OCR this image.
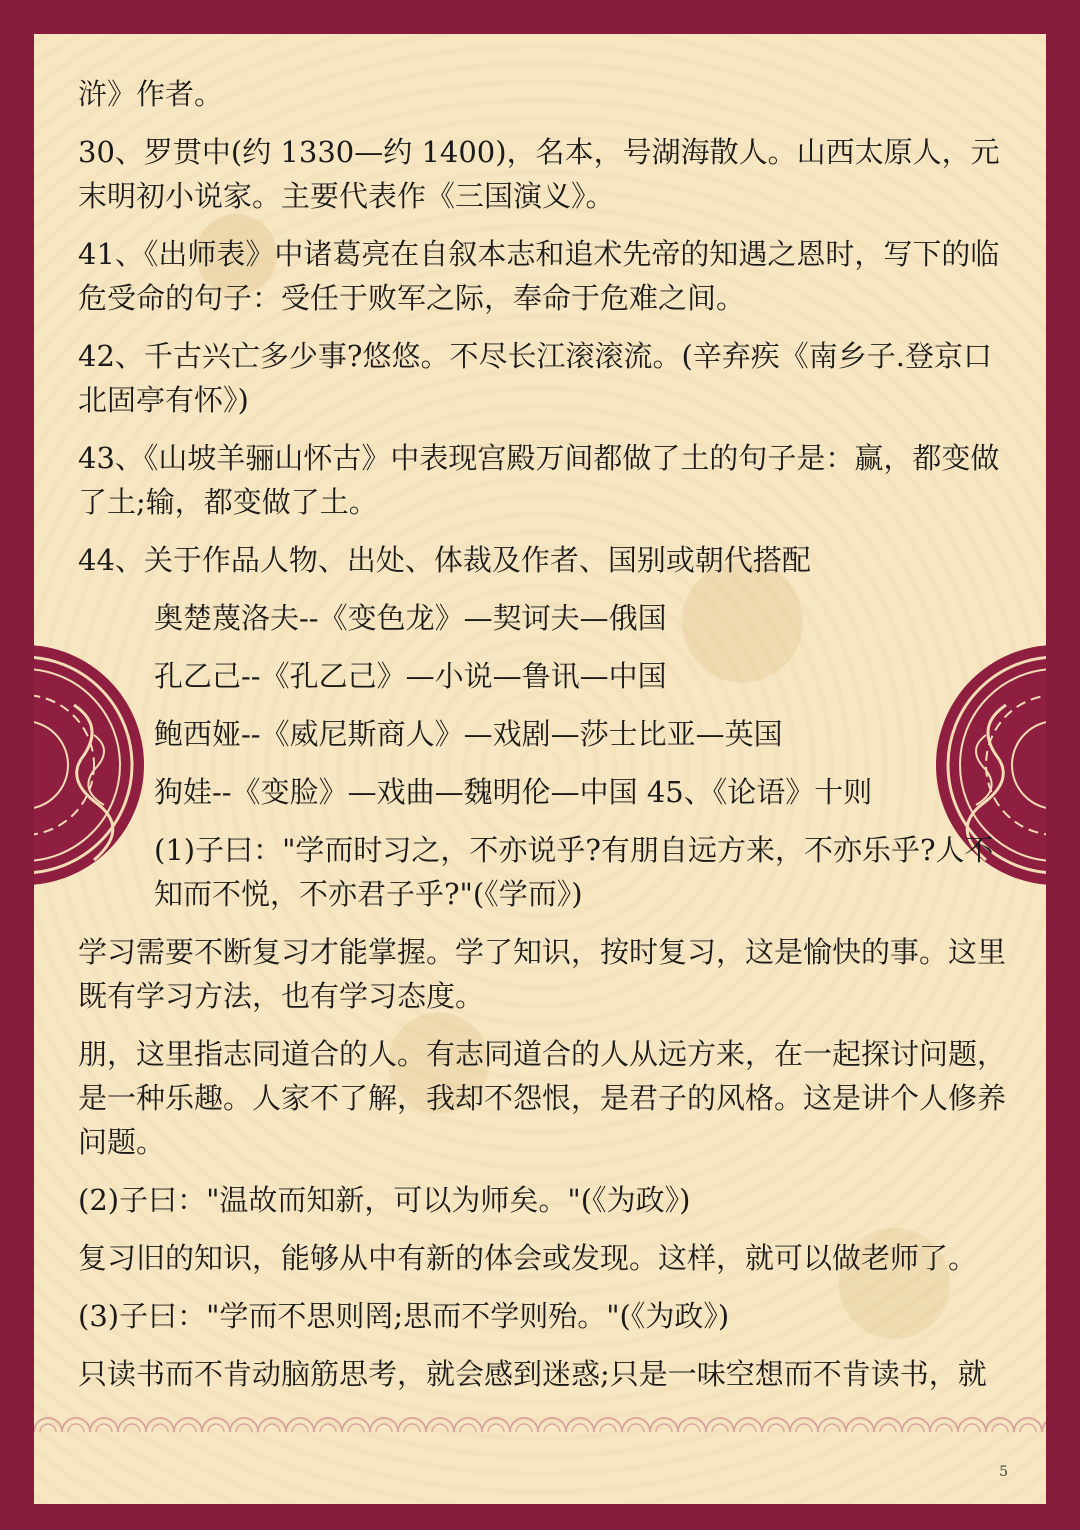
浒》作者。

30、罗贯中(约 1330—约 1400)，名本，号湖海散人。山西太原人，元末明初小说家。主要代表作《三国演义》。

41、《出师表》中诸葛亮在自叙本志和追术先帝的知遇之恩时，写下的临危受命的句子：受任于败军之际，奉命于危难之间。

42、千古兴亡多少事?悠悠。不尽长江滚滚流。(辛弃疾《南乡子.登京口北固亭有怀》)

43、《山坡羊骊山怀古》中表现宫殿万间都做了土的句子是：赢，都变做了土;输，都变做了土。

44、关于作品人物、出处、体裁及作者、国别或朝代搭配

奥楚蔑洛夫--《变色龙》—契诃夫—俄国

孔乙己--《孔乙己》—小说—鲁讯—中国

鲍西娅--《威尼斯商人》—戏剧—莎士比亚—英国

狗娃--《变脸》—戏曲—魏明伦—中国 45、《论语》十则

(1)子曰："学而时习之，不亦说乎?有朋自远方来，不亦乐乎?人不知而不悦，不亦君子乎?"(《学而》)

学习需要不断复习才能掌握。学了知识，按时复习，这是愉快的事。这里既有学习方法，也有学习态度。

朋，这里指志同道合的人。有志同道合的人从远方来，在一起探讨问题，是一种乐趣。人家不了解，我却不怨恨，是君子的风格。这是讲个人修养问题。

(2)子曰："温故而知新，可以为师矣。"(《为政》)

复习旧的知识，能够从中有新的体会或发现。这样，就可以做老师了。

(3)子曰："学而不思则罔;思而不学则殆。"(《为政》)

只读书而不肯动脑筋思考，就会感到迷惑;只是一味空想而不肯读书，就

5
